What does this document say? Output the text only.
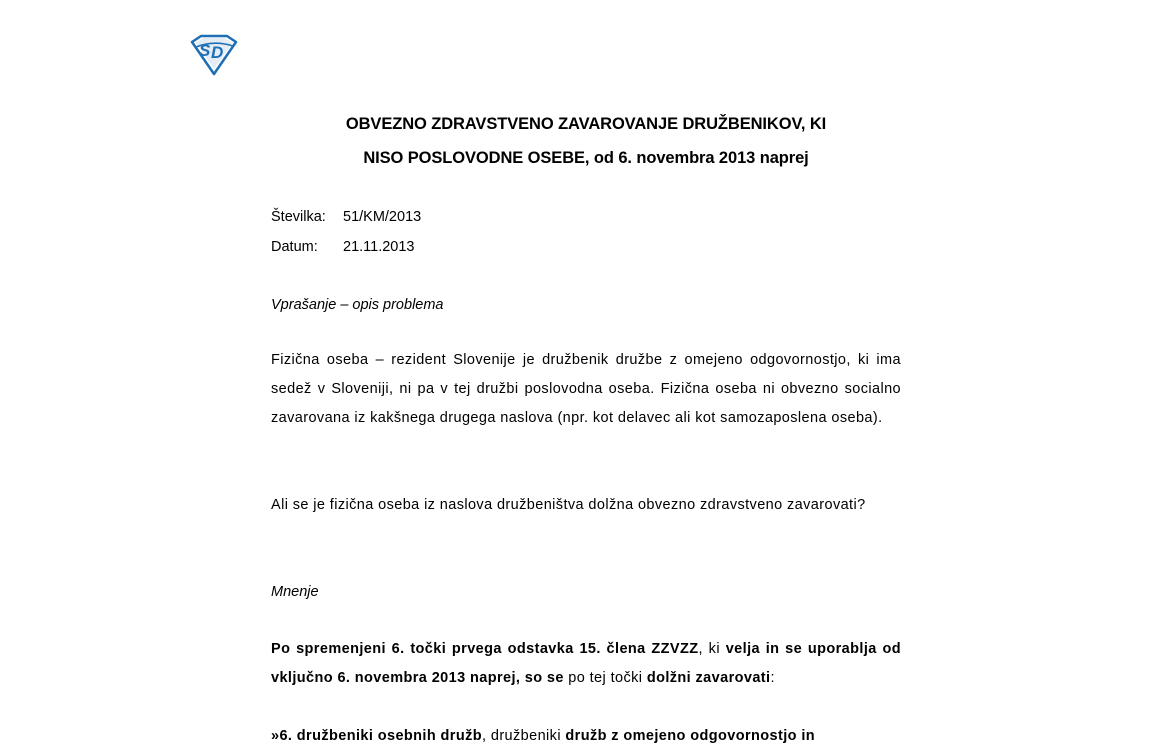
S D
OBVEZNO ZDRAVSTVENO ZAVAROVANJE DRUŽBENIKOV, KI
NISO POSLOVODNE OSEBE, od 6. novembra 2013 naprej
Številka: 51/KM/2013
Datum: 21.11.2013
Vprašanje – opis problema

Fizična oseba – rezident Slovenije je družbenik družbe z omejeno odgovornostjo, ki ima sedež v Sloveniji, ni pa v tej družbi poslovodna oseba. Fizična oseba ni obvezno socialno zavarovana iz kakšnega drugega naslova (npr. kot delavec ali kot samozaposlena oseba).

Ali se je fizična oseba iz naslova družbeništva dolžna obvezno zdravstveno zavarovati?

Mnenje

Po spremenjeni 6. točki prvega odstavka 15. člena ZZVZZ, ki velja in se uporablja od vključno 6. novembra 2013 naprej, so se po tej točki dolžni zavarovati:

»6. družbeniki osebnih družb, družbeniki družb z omejeno odgovornostjo in
